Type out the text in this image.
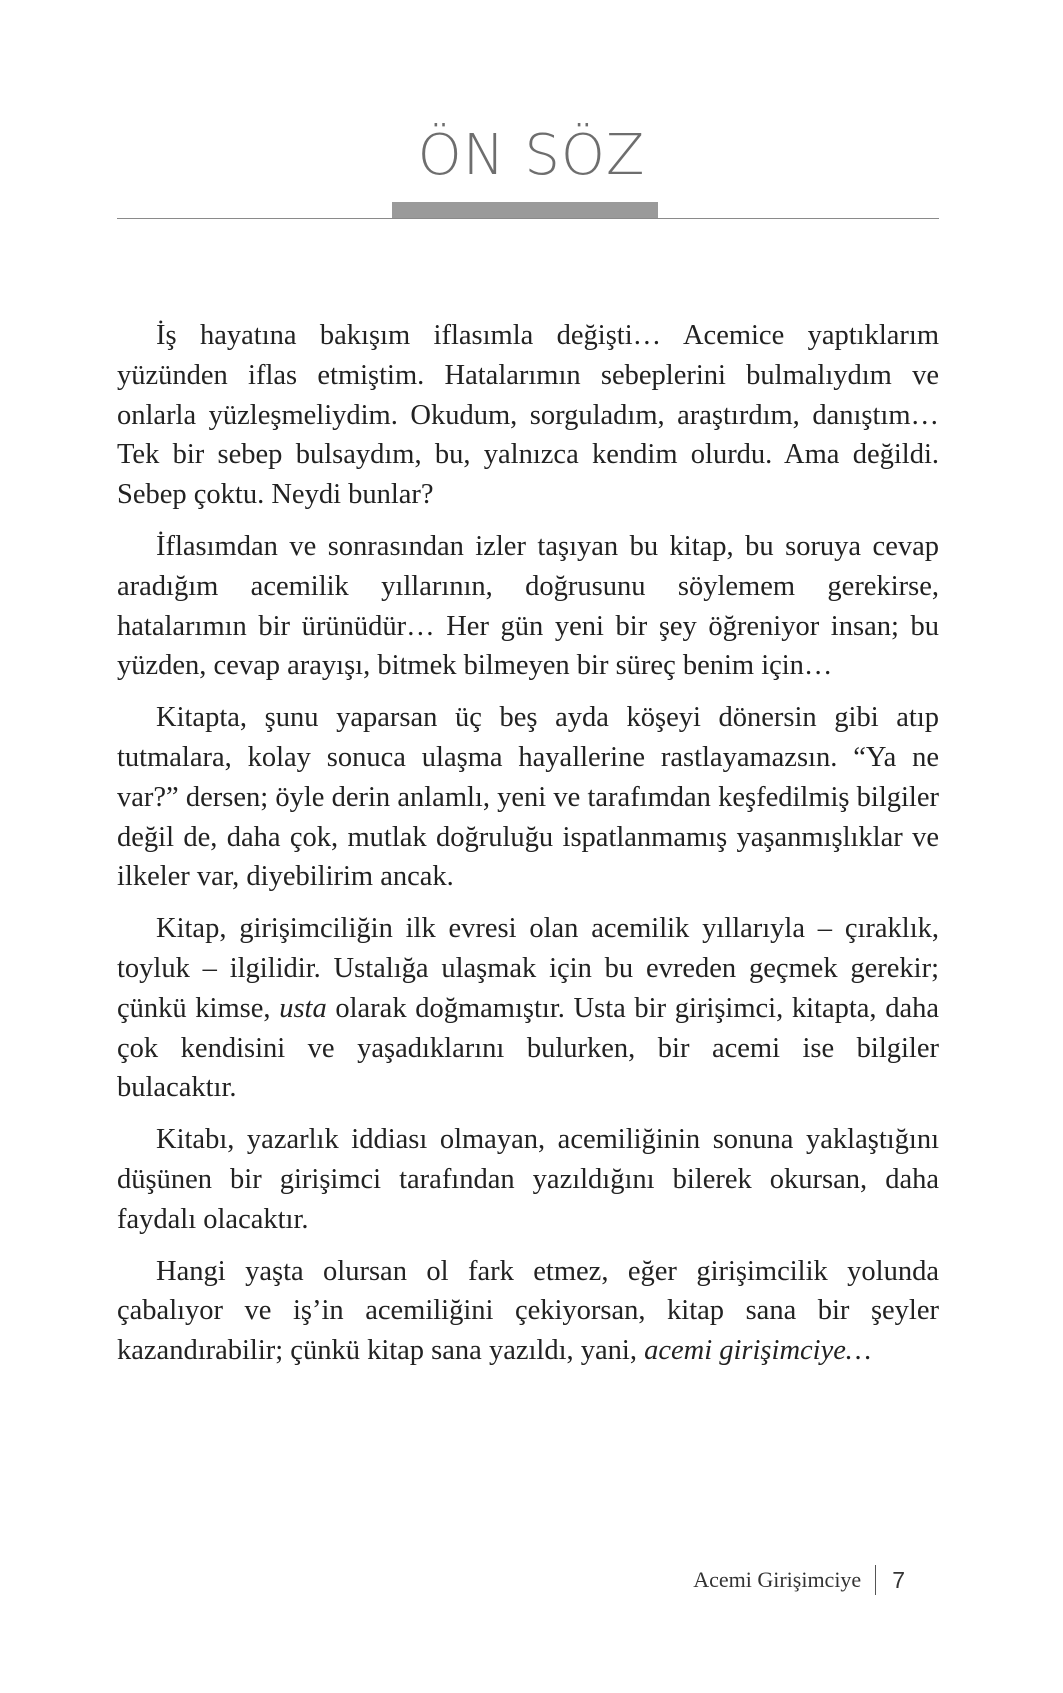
ÖN SÖZ

İş hayatına bakışım iflasımla değişti… Acemice yaptıklarım yüzünden iflas etmiştim. Hatalarımın sebeplerini bulmalıydım ve onlarla yüzleşmeliydim. Okudum, sorguladım, araştırdım, danıştım… Tek bir sebep bulsaydım, bu, yalnızca kendim olurdu. Ama değildi. Sebep çoktu. Neydi bunlar?

İflasımdan ve sonrasından izler taşıyan bu kitap, bu soruya cevap aradığım acemilik yıllarının, doğrusunu söylemem gerekirse, hatalarımın bir ürünüdür… Her gün yeni bir şey öğreniyor insan; bu yüzden, cevap arayışı, bitmek bilmeyen bir süreç benim için…

Kitapta, şunu yaparsan üç beş ayda köşeyi dönersin gibi atıp tutmalara, kolay sonuca ulaşma hayallerine rastlayamazsın. “Ya ne var?” dersen; öyle derin anlamlı, yeni ve tarafımdan keşfedilmiş bilgiler değil de, daha çok, mutlak doğruluğu ispatlanmamış yaşanmışlıklar ve ilkeler var, diyebilirim ancak.

Kitap, girişimciliğin ilk evresi olan acemilik yıllarıyla – çıraklık, toyluk – ilgilidir. Ustalığa ulaşmak için bu evreden geçmek gerekir; çünkü kimse, usta olarak doğmamıştır. Usta bir girişimci, kitapta, daha çok kendisini ve yaşadıklarını bulurken, bir acemi ise bilgiler bulacaktır.

Kitabı, yazarlık iddiası olmayan, acemiliğinin sonuna yaklaştığını düşünen bir girişimci tarafından yazıldığını bilerek okursan, daha faydalı olacaktır.

Hangi yaşta olursan ol fark etmez, eğer girişimcilik yolunda çabalıyor ve iş’in acemiliğini çekiyorsan, kitap sana bir şeyler kazandırabilir; çünkü kitap sana yazıldı, yani, acemi girişimciye…

Acemi Girişimciye 7
